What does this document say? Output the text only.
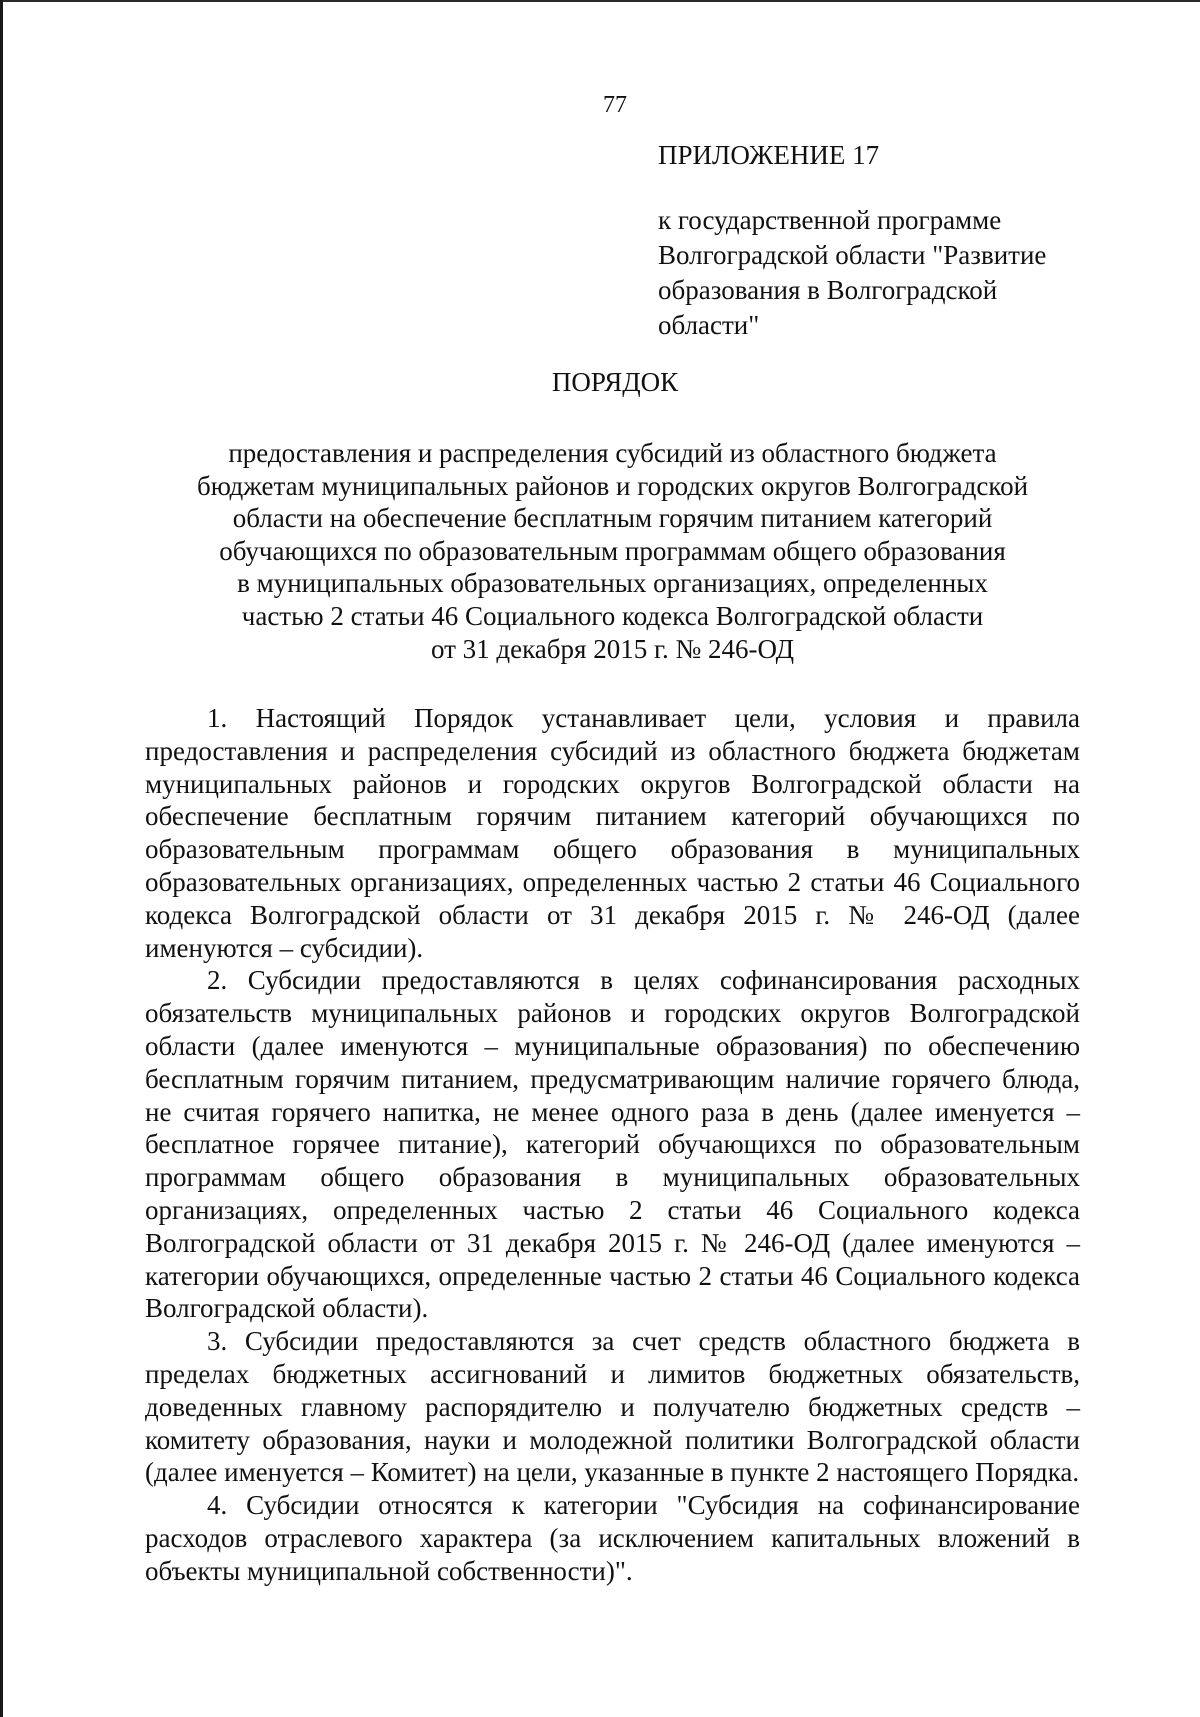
77
ПРИЛОЖЕНИЕ 17
к государственной программе
Волгоградской области "Развитие
образования в Волгоградской
области"
ПОРЯДОК
предоставления и распределения субсидий из областного бюджета
бюджетам муниципальных районов и городских округов Волгоградской
области на обеспечение бесплатным горячим питанием категорий
обучающихся по образовательным программам общего образования
в муниципальных образовательных организациях, определенных
частью 2 статьи 46 Социального кодекса Волгоградской области
от 31 декабря 2015 г. № 246-ОД

1. Настоящий Порядок устанавливает цели, условия и правила предоставления и распределения субсидий из областного бюджета бюджетам муниципальных районов и городских округов Волгоградской области на обеспечение бесплатным горячим питанием категорий обучающихся по образовательным программам общего образования в муниципальных образовательных организациях, определенных частью 2 статьи 46 Социального кодекса Волгоградской области от 31 декабря 2015 г. № 246-ОД (далее именуются – субсидии).

2. Субсидии предоставляются в целях софинансирования расходных обязательств муниципальных районов и городских округов Волгоградской области (далее именуются – муниципальные образования) по обеспечению бесплатным горячим питанием, предусматривающим наличие горячего блюда, не считая горячего напитка, не менее одного раза в день (далее именуется – бесплатное горячее питание), категорий обучающихся по образовательным программам общего образования в муниципальных образовательных организациях, определенных частью 2 статьи 46 Социального кодекса Волгоградской области от 31 декабря 2015 г. № 246-ОД (далее именуются – категории обучающихся, определенные частью 2 статьи 46 Социального кодекса Волгоградской области).

3. Субсидии предоставляются за счет средств областного бюджета в пределах бюджетных ассигнований и лимитов бюджетных обязательств, доведенных главному распорядителю и получателю бюджетных средств – комитету образования, науки и молодежной политики Волгоградской области (далее именуется – Комитет) на цели, указанные в пункте 2 настоящего Порядка.

4. Субсидии относятся к категории "Субсидия на софинансирование расходов отраслевого характера (за исключением капитальных вложений в объекты муниципальной собственности)".
